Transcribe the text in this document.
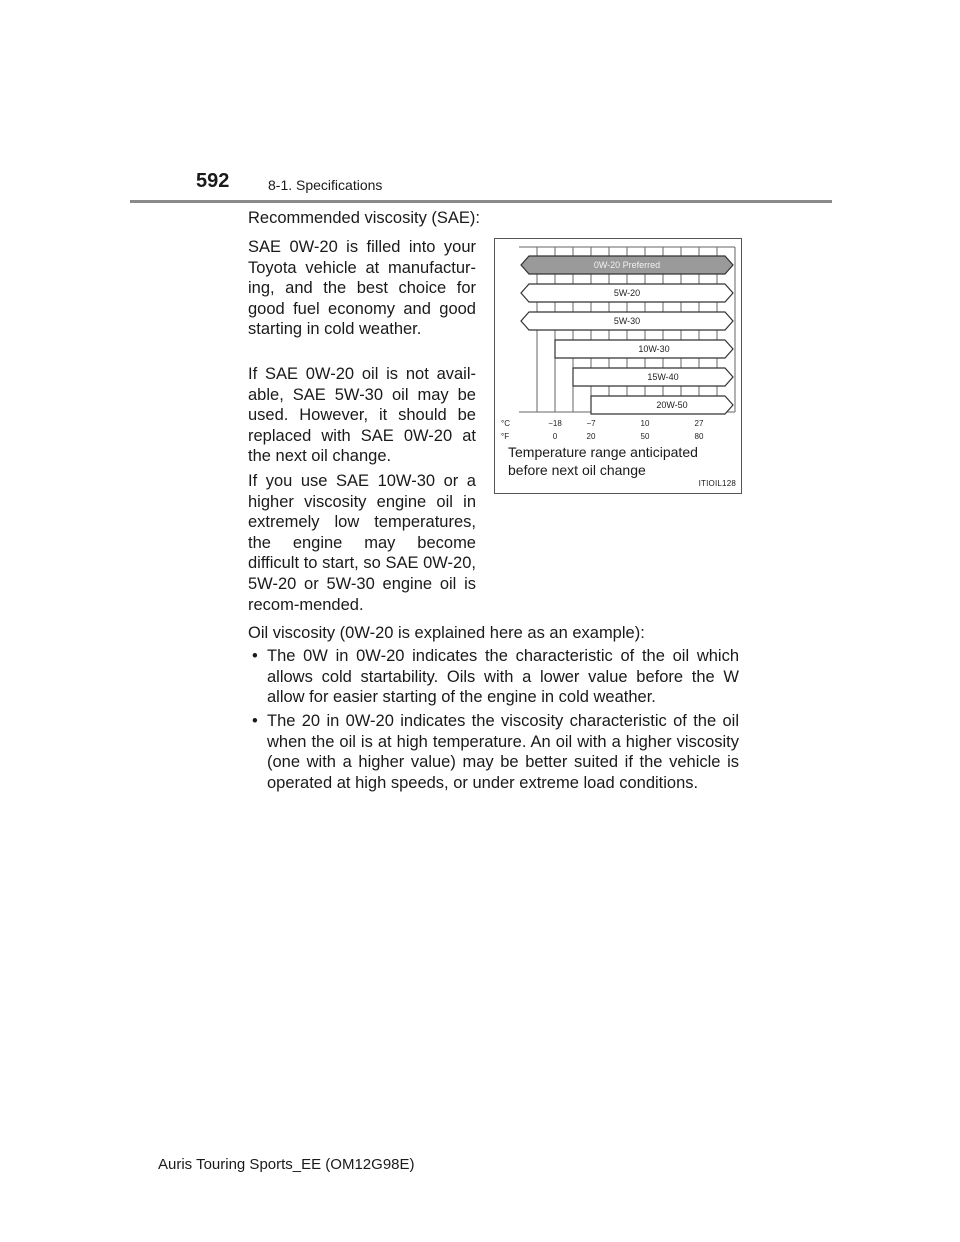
592	8-1. Specifications

Recommended viscosity (SAE):

SAE 0W-20 is filled into your Toyota vehicle at manufactur-ing, and the best choice for good fuel economy and good starting in cold weather.

If SAE 0W-20 oil is not avail-able, SAE 5W-30 oil may be used. However, it should be replaced with SAE 0W-20 at the next oil change.

If you use SAE 10W-30 or a higher viscosity engine oil in extremely low temperatures, the engine may become difficult to start, so SAE 0W-20, 5W-20 or 5W-30 engine oil is recom-mended.

Oil viscosity (0W-20 is explained here as an example):

• The 0W in 0W-20 indicates the characteristic of the oil which allows cold startability. Oils with a lower value before the W allow for easier starting of the engine in cold weather.
• The 20 in 0W-20 indicates the viscosity characteristic of the oil when the oil is at high temperature. An oil with a higher viscosity (one with a higher value) may be better suited if the vehicle is operated at high speeds, or under extreme load conditions.
0W-20 Preferred
5W-20
5W-30
10W-30
15W-40
20W-50
°C
°F
−18
0
−7
20
10
50
27
80

Temperature range anticipated
before next oil change

ITIOIL128
Auris Touring Sports_EE (OM12G98E)
